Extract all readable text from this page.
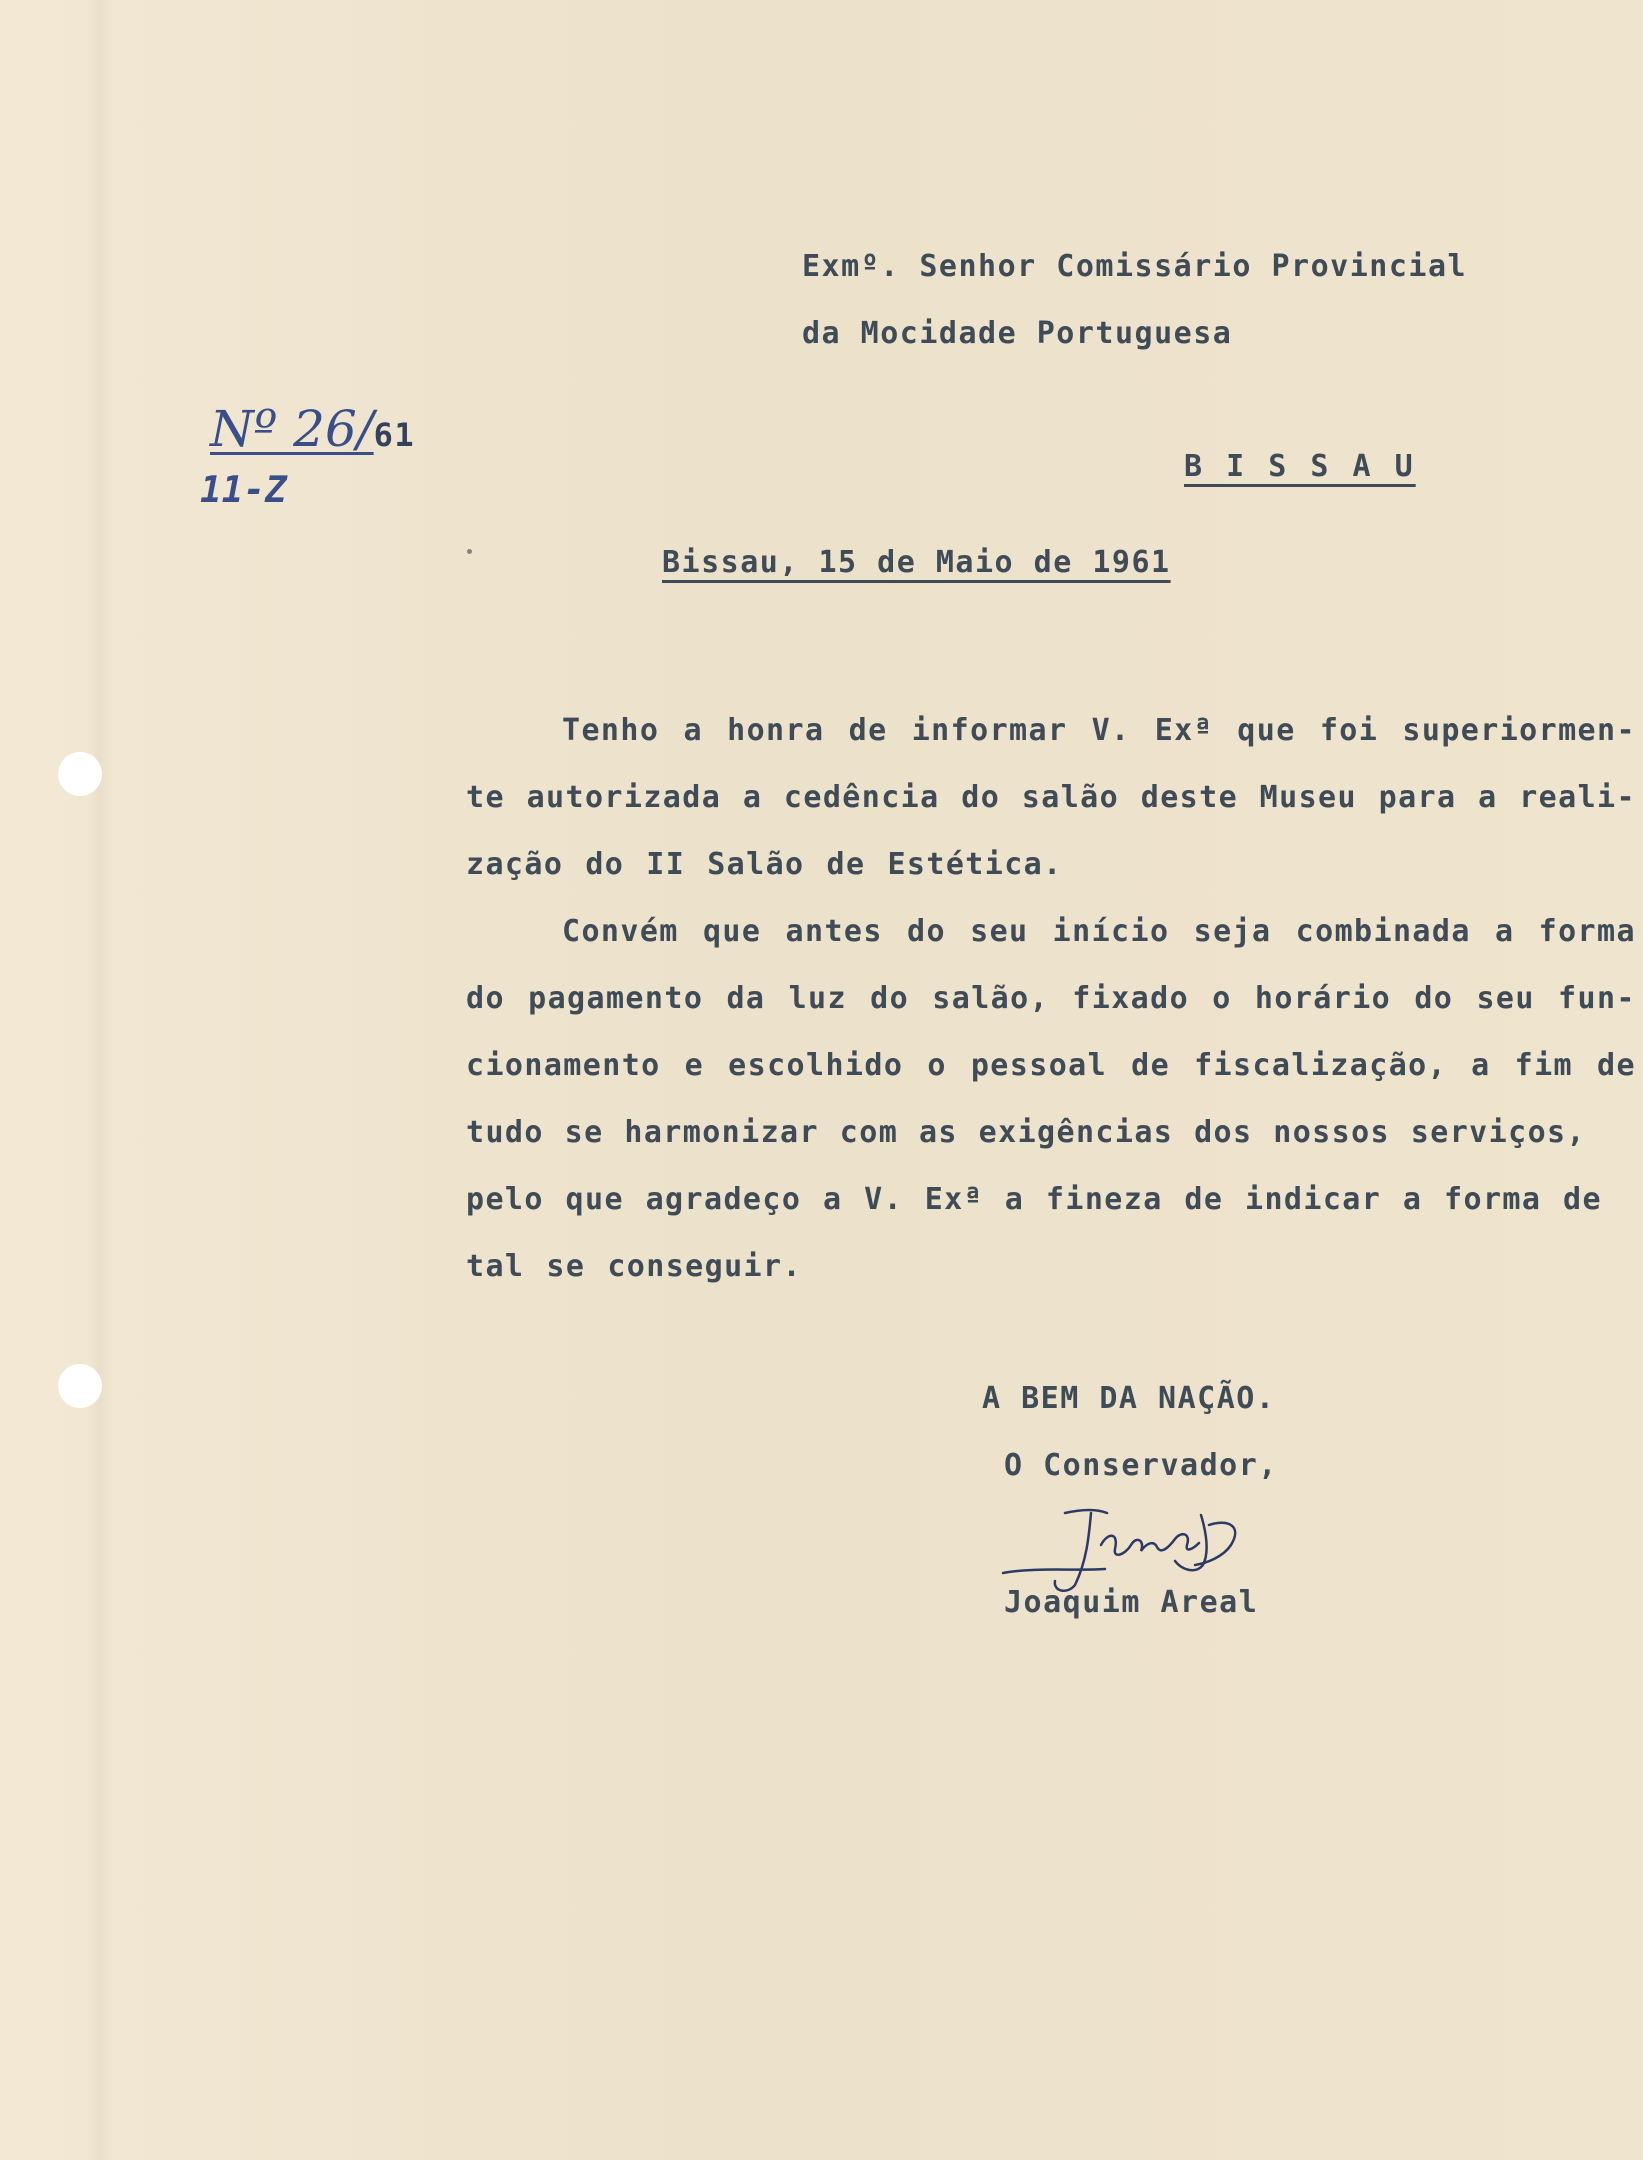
Exmº. Senhor Comissário Provincial
da Mocidade Portuguesa
B I S S A U
Nº 26/61
11-Z
Bissau, 15 de Maio de 1961
Tenho a honra de informar V. Exª que foi superiormen-
te autorizada a cedência do salão deste Museu para a reali-
zação do II Salão de Estética.
Convém que antes do seu início seja combinada a forma
do pagamento da luz do salão, fixado o horário do seu fun-
cionamento e escolhido o pessoal de fiscalização, a fim de
tudo se harmonizar com as exigências dos nossos serviços,
pelo que agradeço a V. Exª a fineza de indicar a forma de
tal se conseguir.
A BEM DA NAÇÃO.
O Conservador,
Joaquim Areal
